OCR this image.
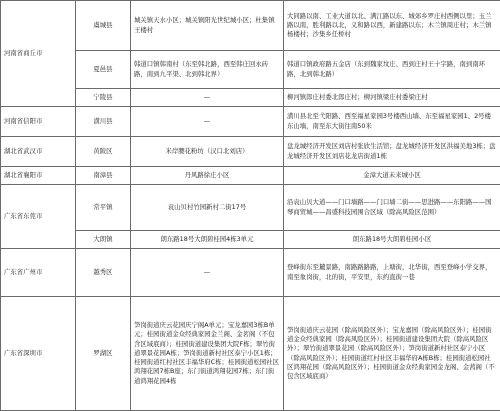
河南省商丘市	虞城县	城关镇天水小区；城关镇阳光世纪城小区；杜集镇王楼村	大同路以南、工业大道以北、满江路以东、城郊乡罗庄村西侧以里；玉兰路以南，胜利路以北，义和路以西，新建路以东；木兰镇周庄村；木兰镇杨楼村；沙集乡任桥村
	夏邑县	韩道口镇韩南村（东至韩北路，西至韩庄回永砖路，南到九平渠、北到韩北界）	韩道口镇政府路五金店（东到魏家坟庄、西到庄村王十字路，南到南环路，北到韩北路）
	宁陵县	—	柳河镇郎庄村委北郎庄村；柳河镇梁庄村委梁庄村
河南省信阳市	潢川县	—	潢川县北至弋阳路、西至福星家园3号楼西山墙、东至福星家园1、2号楼东山墙，南至东大街往南50米
湖北省武汉市	黄陂区	米岸腰花粉坊（汉口北刘店）	盘龙城经济开发区刘店村张欣生活馆；盘龙城经济开发区洪福美地3栋；盘龙城经济开发区刘店花龙店街道1栋
湖北省襄阳市	南漳县	丹风路徐庄小区	金漳大道未来城小区
广东省东莞市	常平镇	袁山贝村竹园新村二街17号	沿袁山贝大道——门口墙路——门口墙二街——思进路——东阳路——国琴商贸城——昌盛科技园围合区域（除高风险区范围）
	大朗镇	朗东路18号大朗碧桂园4栋3单元	朗东路18号大朗碧桂园小区
广东省广州市	越秀区	—	登峰街东至麓景路，南路路路路，上塘街，北华街，西至登峰小学交界，南至象岗街，北的街，平安里，东约直街一巷
广东省深圳市	罗湖区	笋岗街道庆云花园庆宁阁A单元；宝龙嘉园3栋B单元；桂园街道金众经典家园金兰阁、金茗阁（不包含区域底商）；桂园街道建设集团大院F栋；翠竹街道翠景花园A栋；笋岗街道新村社区泰宁小区1栋；桂园街道红村社区丰福华府C栋；桂园街道松园社区鸿翔花园7栋B座；东门街道鸿翔花园7栋；东门街道鸿翔花园4栋	笋岗街道庆云花园（除高风险区外）；宝龙嘉园（除高风险区外）；桂园街道金众经典家园（除高风险区外）；桂园街道建设集团大院（除高风险区外）；翠竹街道翠景花园（除高风险区外）；笋岗街道新村社区泰宁小区（除高风险区外）；桂园街道红村社区丰福华府A栋B栋；桂园街道松园社区鸿翔花园（除高风险区外）；桂园街道金众经典家园金龙阁、金茜阁（不包含区域底商）
